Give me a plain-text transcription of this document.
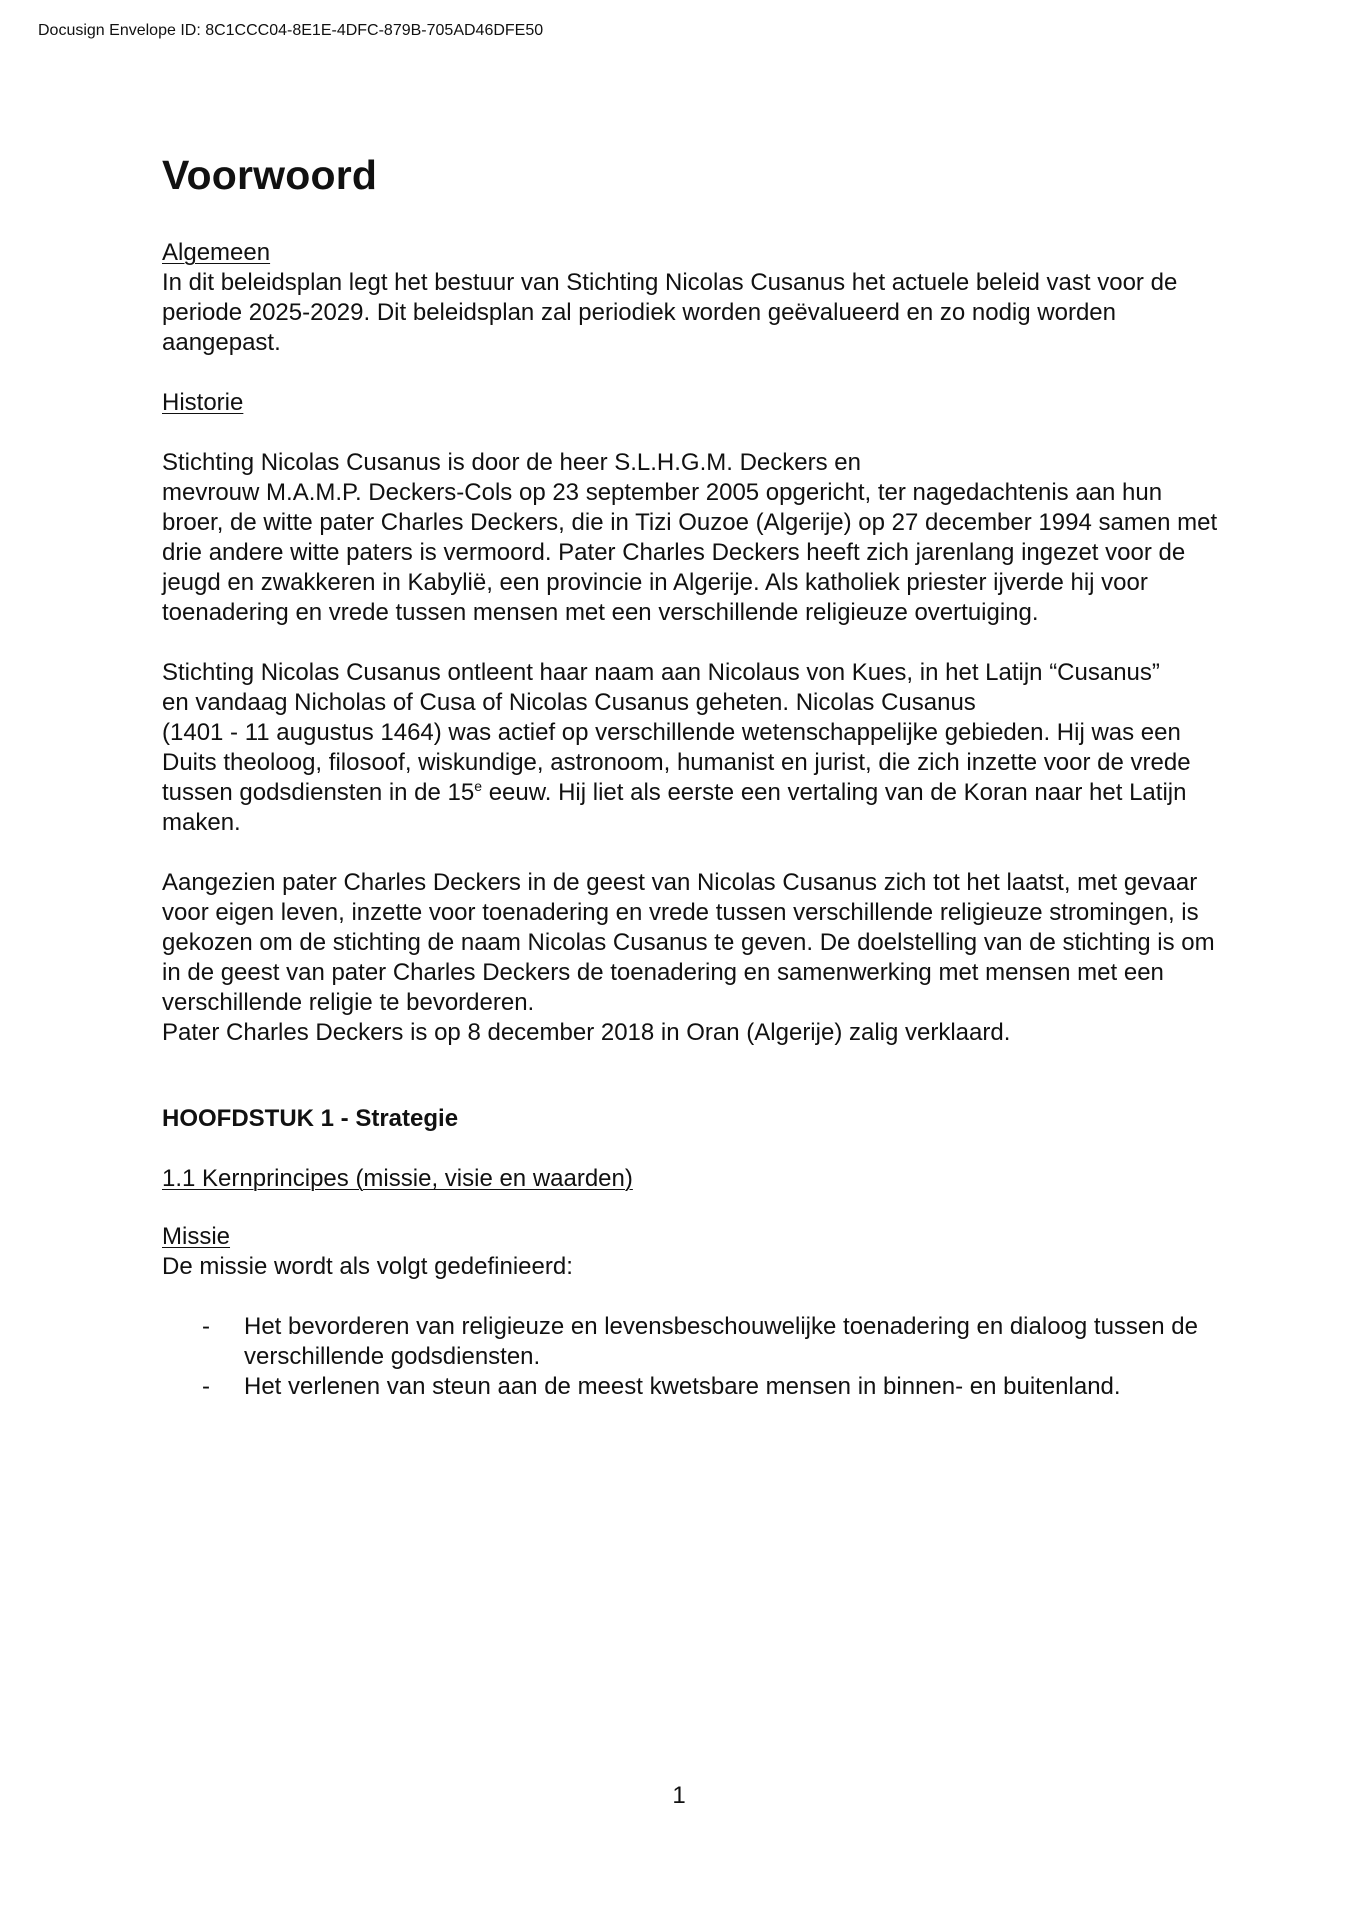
Docusign Envelope ID: 8C1CCC04-8E1E-4DFC-879B-705AD46DFE50
Voorwoord
Algemeen

In dit beleidsplan legt het bestuur van Stichting Nicolas Cusanus het actuele beleid vast voor de periode 2025-2029. Dit beleidsplan zal periodiek worden geëvalueerd en zo nodig worden aangepast.

Historie

Stichting Nicolas Cusanus is door de heer S.L.H.G.M. Deckers en
mevrouw M.A.M.P. Deckers-Cols op 23 september 2005 opgericht, ter nagedachtenis aan hun broer, de witte pater Charles Deckers, die in Tizi Ouzoe (Algerije) op 27 december 1994 samen met drie andere witte paters is vermoord. Pater Charles Deckers heeft zich jarenlang ingezet voor de jeugd en zwakkeren in Kabylië, een provincie in Algerije. Als katholiek priester ijverde hij voor toenadering en vrede tussen mensen met een verschillende religieuze overtuiging.

Stichting Nicolas Cusanus ontleent haar naam aan Nicolaus von Kues, in het Latijn “Cusanus”
en vandaag Nicholas of Cusa of Nicolas Cusanus geheten. Nicolas Cusanus
(1401 - 11 augustus 1464) was actief op verschillende wetenschappelijke gebieden. Hij was een Duits theoloog, filosoof, wiskundige, astronoom, humanist en jurist, die zich inzette voor de vrede tussen godsdiensten in de 15e eeuw. Hij liet als eerste een vertaling van de Koran naar het Latijn maken.

Aangezien pater Charles Deckers in de geest van Nicolas Cusanus zich tot het laatst, met gevaar voor eigen leven, inzette voor toenadering en vrede tussen verschillende religieuze stromingen, is gekozen om de stichting de naam Nicolas Cusanus te geven. De doelstelling van de stichting is om in de geest van pater Charles Deckers de toenadering en samenwerking met mensen met een verschillende religie te bevorderen.
Pater Charles Deckers is op 8 december 2018 in Oran (Algerije) zalig verklaard.

HOOFDSTUK 1 - Strategie
1.1 Kernprincipes (missie, visie en waarden)
Missie

De missie wordt als volgt gedefinieerd:

- Het bevorderen van religieuze en levensbeschouwelijke toenadering en dialoog tussen de verschillende godsdiensten.
- Het verlenen van steun aan de meest kwetsbare mensen in binnen- en buitenland.
1
